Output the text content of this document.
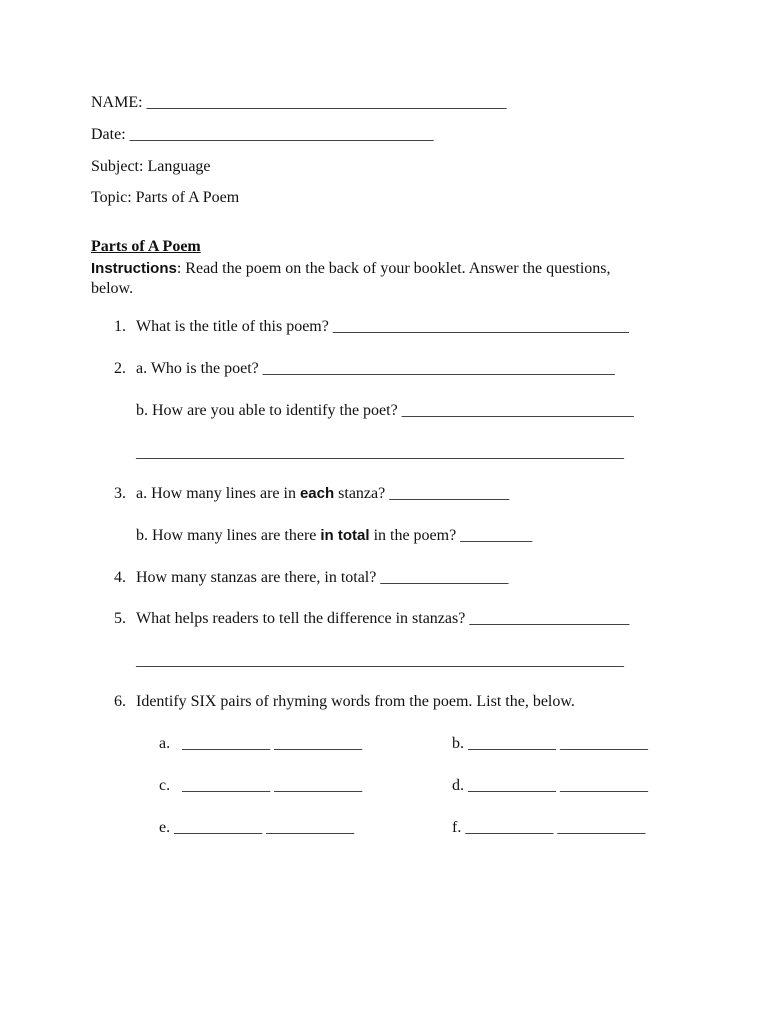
NAME: _____________________________________________
Date: ______________________________________
Subject: Language
Topic: Parts of A Poem
Parts of A Poem
Instructions: Read the poem on the back of your booklet. Answer the questions,
below.
1. What is the title of this poem? _____________________________________
2. a. Who is the poet? ____________________________________________
b. How are you able to identify the poet? _____________________________
_____________________________________________________________
3. a. How many lines are in each stanza? _______________
b. How many lines are there in total in the poem? _________
4. How many stanzas are there, in total? ________________
5. What helps readers to tell the difference in stanzas? ____________________
_____________________________________________________________
6. Identify SIX pairs of rhyming words from the poem. List the, below.
a.   ___________ ___________	b. ___________ ___________
c.   ___________ ___________	d. ___________ ___________
e. ___________ ___________	f. ___________ ___________
